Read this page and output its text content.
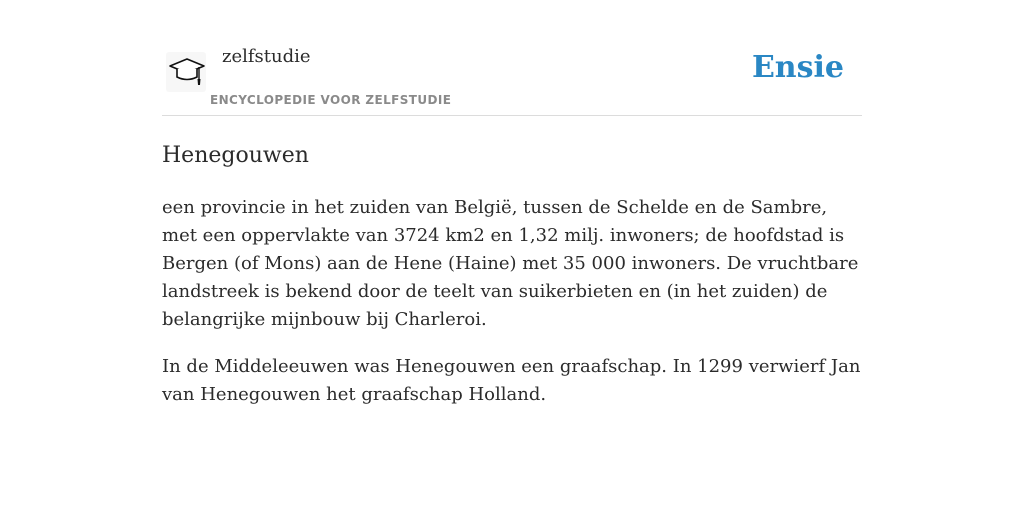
zelfstudie
ENCYCLOPEDIE VOOR ZELFSTUDIE
Ensie
Henegouwen

een provincie in het zuiden van België, tussen de Schelde en de Sambre, met een oppervlakte van 3724 km2 en 1,32 milj. inwoners; de hoofdstad is Bergen (of Mons) aan de Hene (Haine) met 35 000 inwoners. De vruchtbare landstreek is bekend door de teelt van suikerbieten en (in het zuiden) de belangrijke mijnbouw bij Charleroi.

In de Middeleeuwen was Henegouwen een graafschap. In 1299 verwierf Jan van Henegouwen het graafschap Holland.
